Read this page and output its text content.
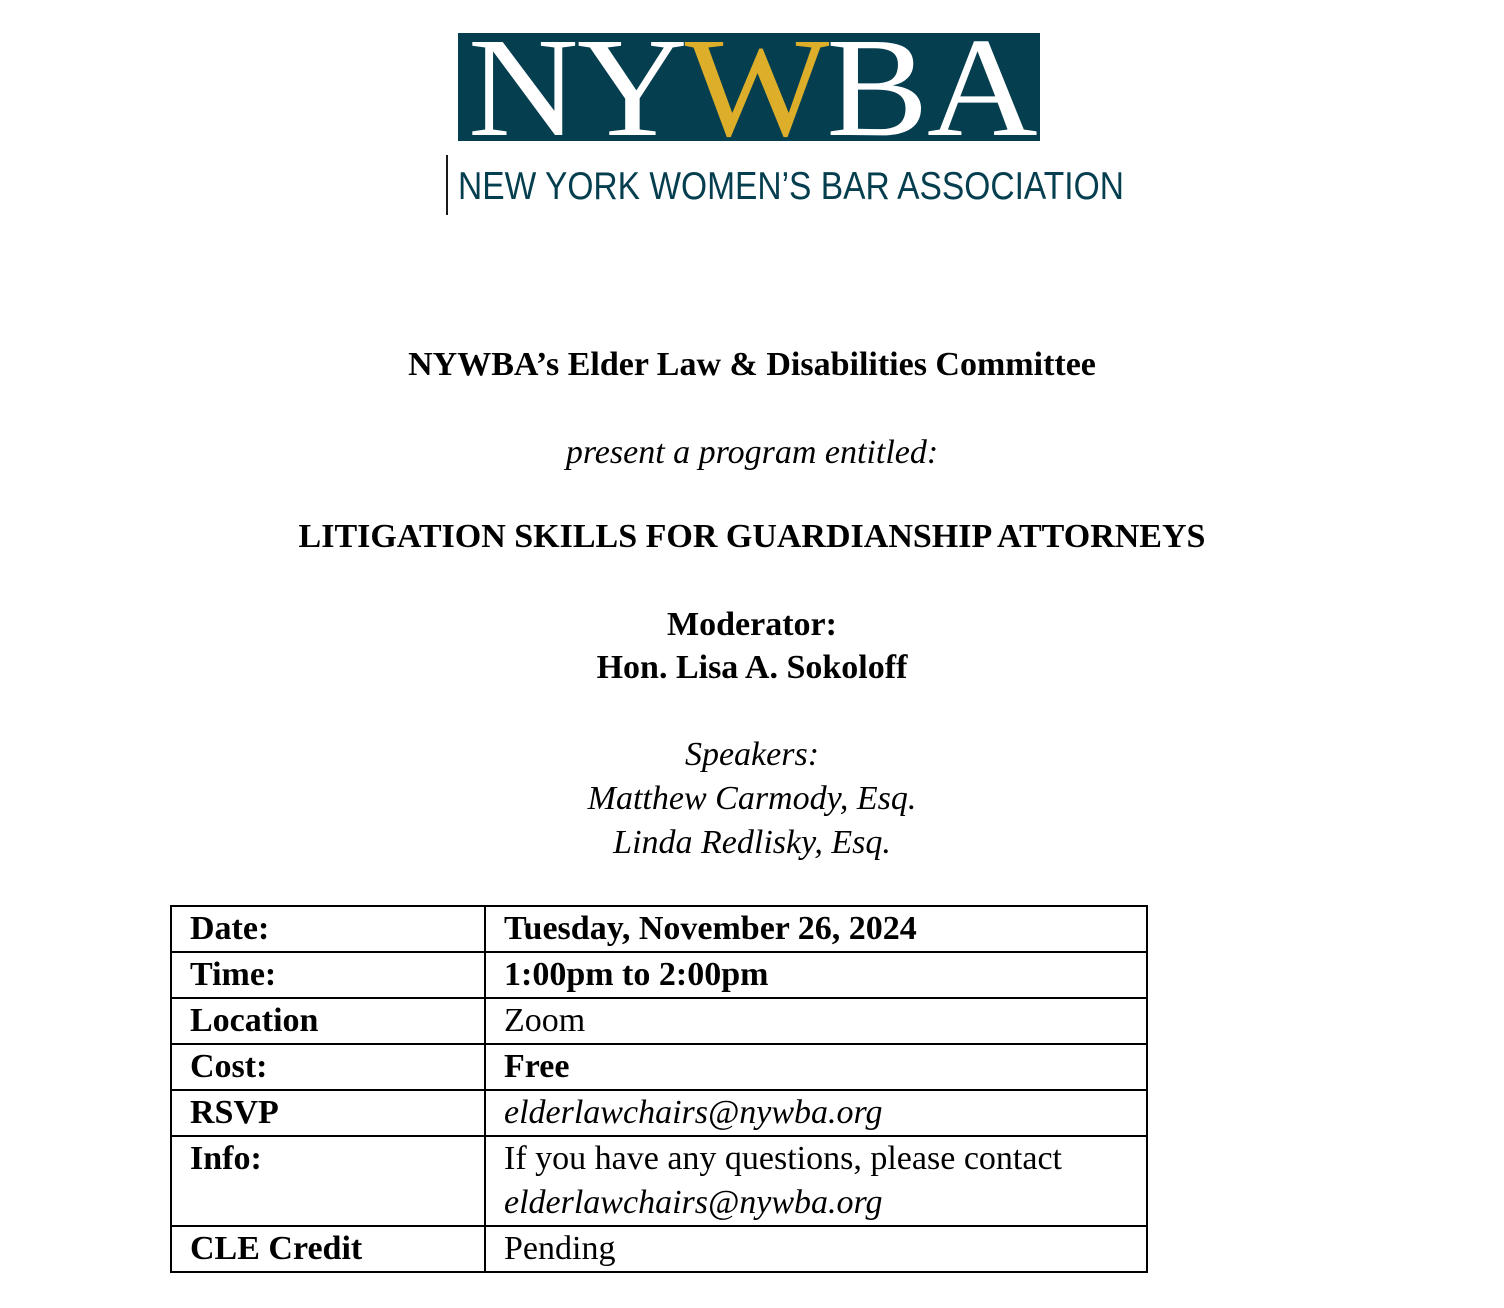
N
Y
W
B
A
NEW YORK WOMEN’S BAR ASSOCIATION
NYWBA’s Elder Law & Disabilities Committee
present a program entitled:
LITIGATION SKILLS FOR GUARDIANSHIP ATTORNEYS
Moderator:
Hon. Lisa A. Sokoloff
Speakers:
Matthew Carmody, Esq.
Linda Redlisky, Esq.
Date:	Tuesday, November 26, 2024
Time:	1:00pm to 2:00pm
Location	Zoom
Cost:	Free
RSVP	elderlawchairs@nywba.org
Info:	If you have any questions, please contact
elderlawchairs@nywba.org

CLE Credit	Pending
